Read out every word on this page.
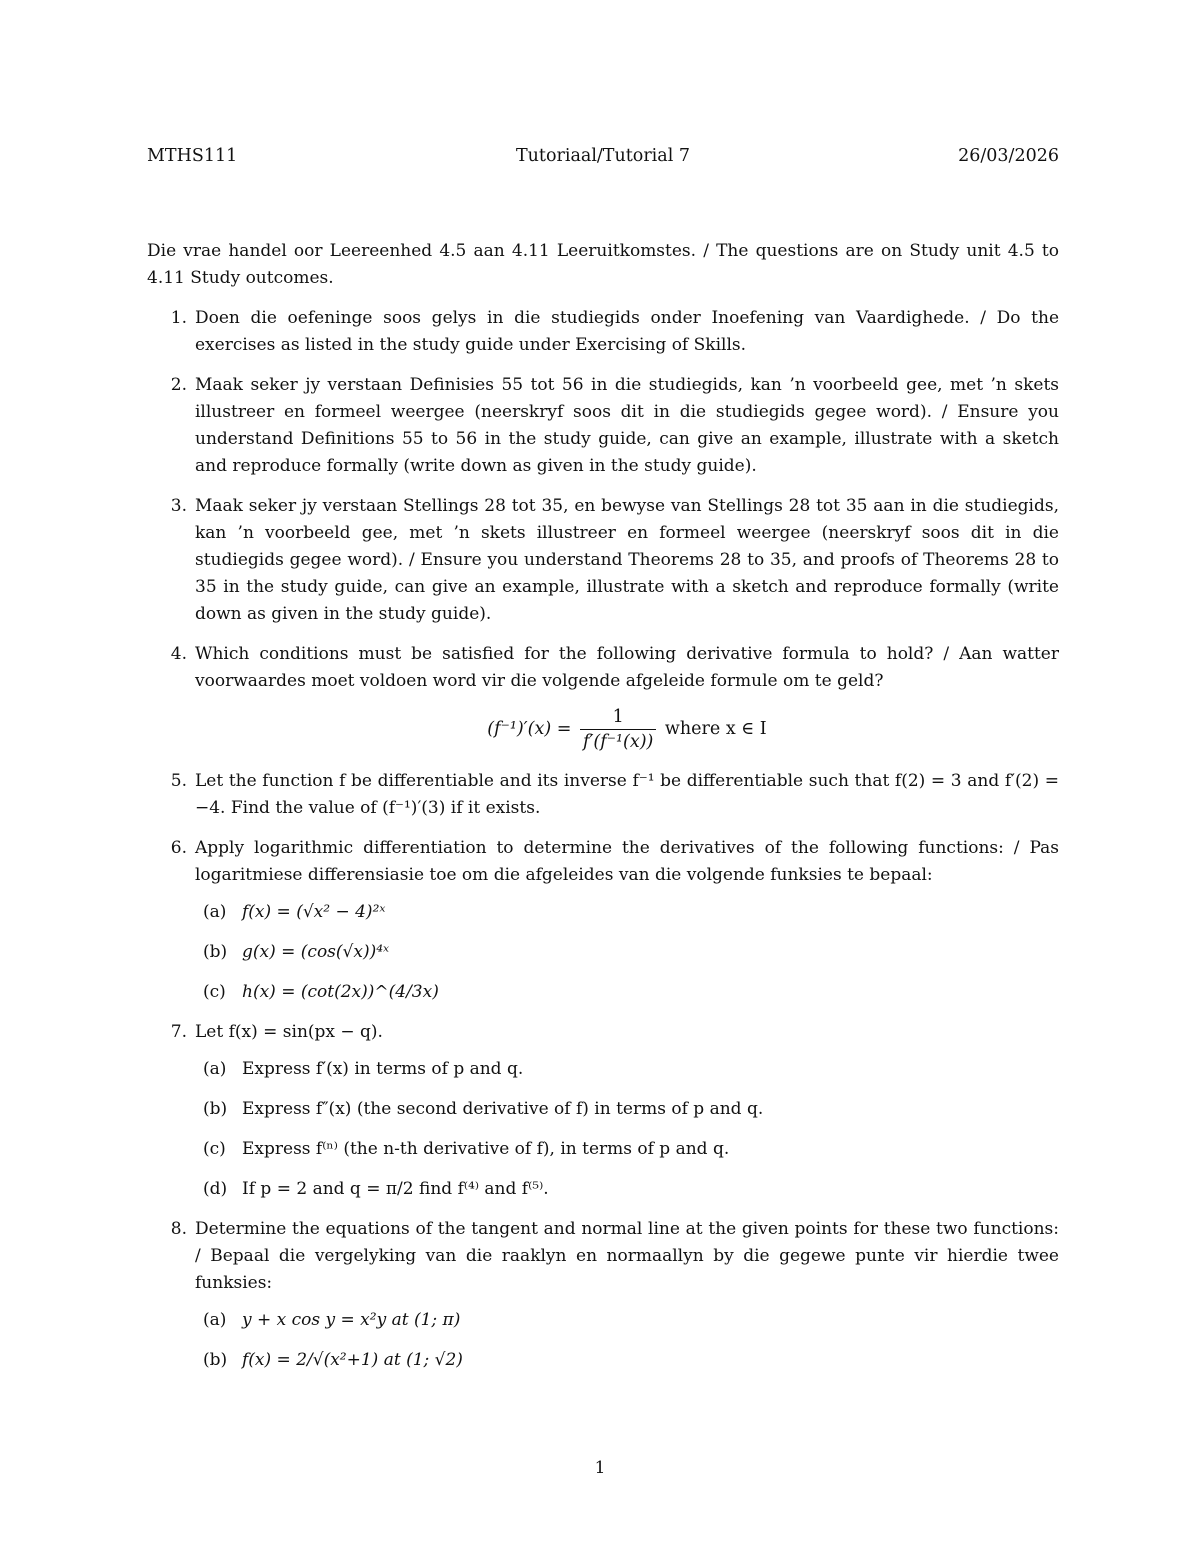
MTHS111	Tutoriaal/Tutorial 7	26/03/2026

Die vrae handel oor Leereenhed 4.5 aan 4.11 Leeruitkomstes. / The questions are on Study unit 4.5 to 4.11 Study outcomes.

1. Doen die oefeninge soos gelys in die studiegids onder Inoefening van Vaardighede. / Do the exercises as listed in the study guide under Exercising of Skills.
2. Maak seker jy verstaan Definisies 55 tot 56 in die studiegids, kan ’n voorbeeld gee, met ’n skets illustreer en formeel weergee (neerskryf soos dit in die studiegids gegee word). / Ensure you understand Definitions 55 to 56 in the study guide, can give an example, illustrate with a sketch and reproduce formally (write down as given in the study guide).
3. Maak seker jy verstaan Stellings 28 tot 35, en bewyse van Stellings 28 tot 35 aan in die studiegids, kan ’n voorbeeld gee, met ’n skets illustreer en formeel weergee (neerskryf soos dit in die studiegids gegee word). / Ensure you understand Theorems 28 to 35, and proofs of Theorems 28 to 35 in the study guide, can give an example, illustrate with a sketch and reproduce formally (write down as given in the study guide).
4. Which conditions must be satisfied for the following derivative formula to hold? / Aan watter voorwaardes moet voldoen word vir die volgende afgeleide formule om te geld?
$(f^{-1})'(x) = \frac{1}{\text{f′(f⁻¹(x))}}$ where x ∈ I
5. Let the function f be differentiable and its inverse f⁻¹ be differentiable such that f(2) = 3 and f′(2) = −4. Find the value of (f⁻¹)′(3) if it exists.
6. Apply logarithmic differentiation to determine the derivatives of the following functions: / Pas logaritmiese differensiasie toe om die afgeleides van die volgende funksies te bepaal:
(a) f(x) = (√x² − 4)²ˣ
(b) g(x) = (cos(√x))⁴ˣ
(c) h(x) = (cot(2x))^(4/3x)
7. Let f(x) = sin(px − q).
(a) Express f′(x) in terms of p and q.
(b) Express f″(x) (the second derivative of f) in terms of p and q.
(c) Express f⁽ⁿ⁾ (the n-th derivative of f), in terms of p and q.
(d) If p = 2 and q = π/2 find f⁽⁴⁾ and f⁽⁵⁾.
8. Determine the equations of the tangent and normal line at the given points for these two functions: / Bepaal die vergelyking van die raaklyn en normaallyn by die gegewe punte vir hierdie twee funksies:
(a) y + x cos y = x²y at (1; π)
(b) f(x) = 2/√(x²+1) at (1; √2)
1
